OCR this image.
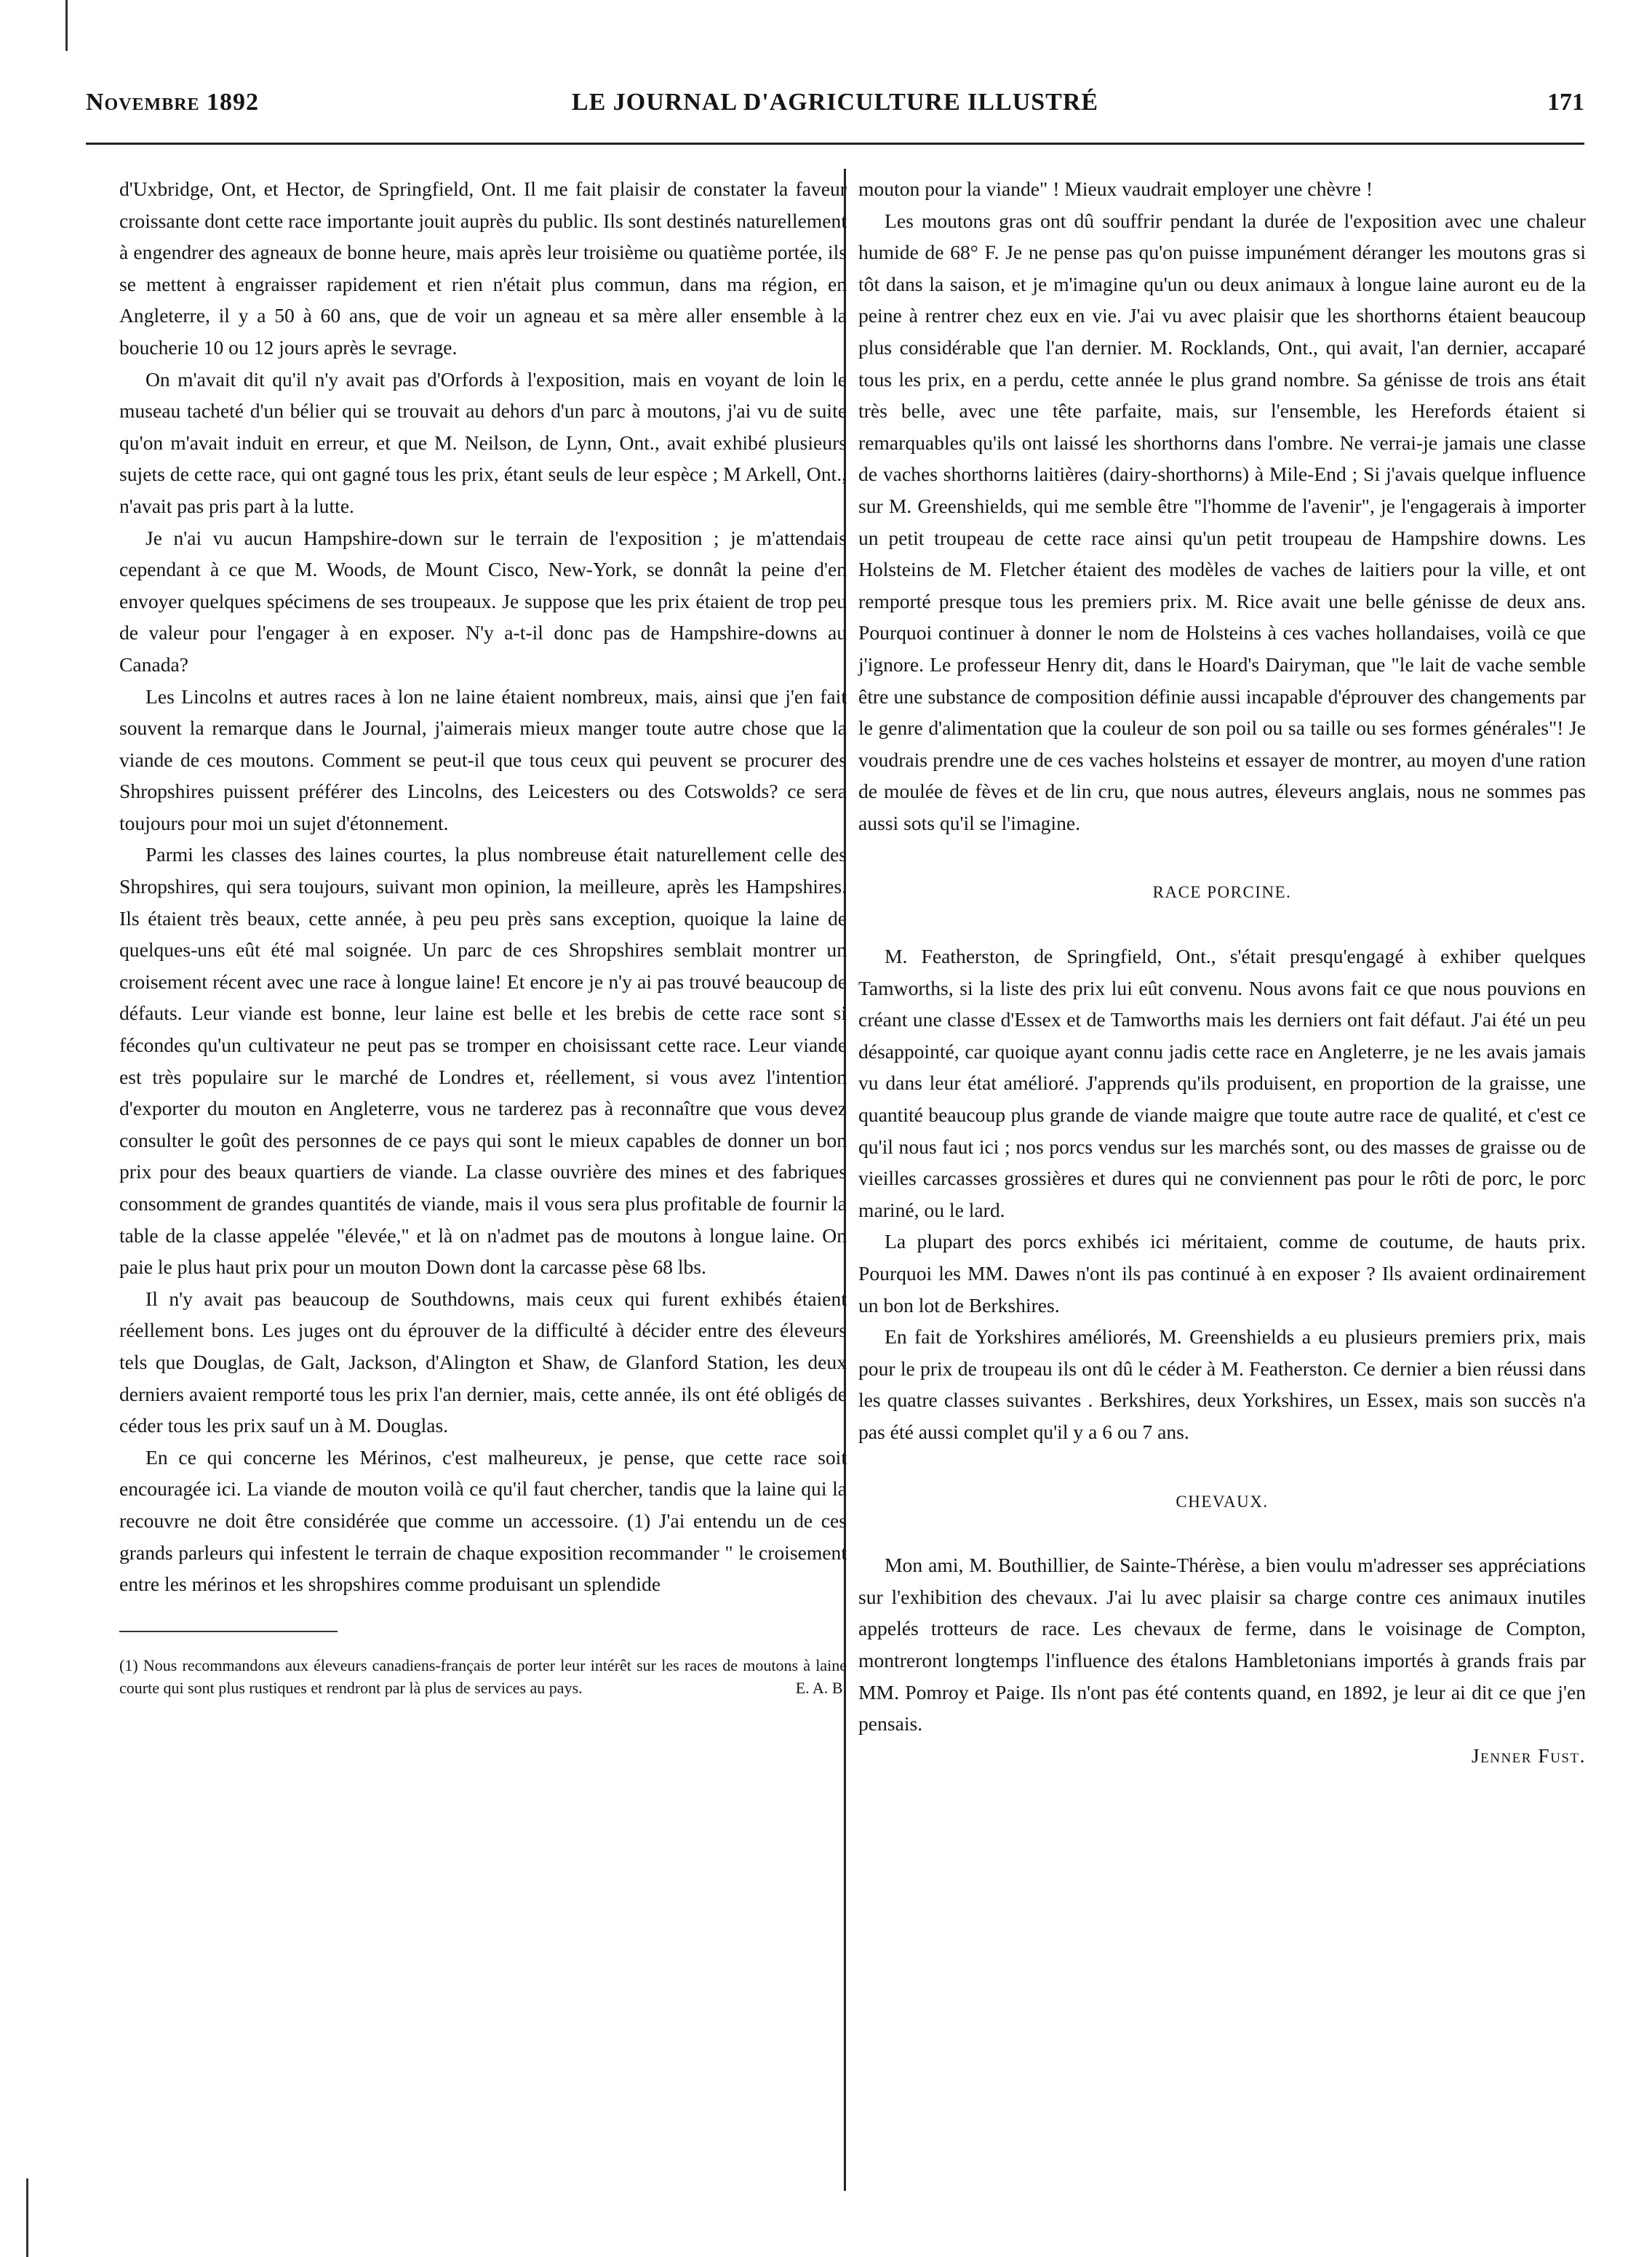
Novembre 1892	LE JOURNAL D'AGRICULTURE ILLUSTRÉ	171

d'Uxbridge, Ont, et Hector, de Springfield, Ont. Il me fait plaisir de constater la faveur croissante dont cette race importante jouit auprès du public. Ils sont destinés naturellement à engendrer des agneaux de bonne heure, mais après leur troisième ou quatième portée, ils se mettent à engraisser rapidement et rien n'était plus commun, dans ma région, en Angleterre, il y a 50 à 60 ans, que de voir un agneau et sa mère aller ensemble à la boucherie 10 ou 12 jours après le sevrage.

On m'avait dit qu'il n'y avait pas d'Orfords à l'exposition, mais en voyant de loin le museau tacheté d'un bélier qui se trouvait au dehors d'un parc à moutons, j'ai vu de suite qu'on m'avait induit en erreur, et que M. Neilson, de Lynn, Ont., avait exhibé plusieurs sujets de cette race, qui ont gagné tous les prix, étant seuls de leur espèce ; M Arkell, Ont., n'avait pas pris part à la lutte.

Je n'ai vu aucun Hampshire-down sur le terrain de l'exposition ; je m'attendais cependant à ce que M. Woods, de Mount Cisco, New-York, se donnât la peine d'en envoyer quelques spécimens de ses troupeaux. Je suppose que les prix étaient de trop peu de valeur pour l'engager à en exposer. N'y a-t-il donc pas de Hampshire-downs au Canada?

Les Lincolns et autres races à lon ne laine étaient nombreux, mais, ainsi que j'en fait souvent la remarque dans le Journal, j'aimerais mieux manger toute autre chose que la viande de ces moutons. Comment se peut-il que tous ceux qui peuvent se procurer des Shropshires puissent préférer des Lincolns, des Leicesters ou des Cotswolds? ce sera toujours pour moi un sujet d'étonnement.

Parmi les classes des laines courtes, la plus nombreuse était naturellement celle des Shropshires, qui sera toujours, suivant mon opinion, la meilleure, après les Hampshires. Ils étaient très beaux, cette année, à peu peu près sans exception, quoique la laine de quelques-uns eût été mal soignée. Un parc de ces Shropshires semblait montrer un croisement récent avec une race à longue laine! Et encore je n'y ai pas trouvé beaucoup de défauts. Leur viande est bonne, leur laine est belle et les brebis de cette race sont si fécondes qu'un cultivateur ne peut pas se tromper en choisissant cette race. Leur viande est très populaire sur le marché de Londres et, réellement, si vous avez l'intention d'exporter du mouton en Angleterre, vous ne tarderez pas à reconnaître que vous devez consulter le goût des personnes de ce pays qui sont le mieux capables de donner un bon prix pour des beaux quartiers de viande. La classe ouvrière des mines et des fabriques consomment de grandes quantités de viande, mais il vous sera plus profitable de fournir la table de la classe appelée "élevée," et là on n'admet pas de moutons à longue laine. On paie le plus haut prix pour un mouton Down dont la carcasse pèse 68 lbs.

Il n'y avait pas beaucoup de Southdowns, mais ceux qui furent exhibés étaient réellement bons. Les juges ont du éprouver de la difficulté à décider entre des éleveurs tels que Douglas, de Galt, Jackson, d'Alington et Shaw, de Glanford Station, les deux derniers avaient remporté tous les prix l'an dernier, mais, cette année, ils ont été obligés de céder tous les prix sauf un à M. Douglas.

En ce qui concerne les Mérinos, c'est malheureux, je pense, que cette race soit encouragée ici. La viande de mouton voilà ce qu'il faut chercher, tandis que la laine qui la recouvre ne doit être considérée que comme un accessoire. (1) J'ai entendu un de ces grands parleurs qui infestent le terrain de chaque exposition recommander " le croisement entre les mérinos et les shropshires comme produisant un splendide

(1) Nous recommandons aux éleveurs canadiens-français de porter leur intérêt sur les races de moutons à laine courte qui sont plus rustiques et rendront par là plus de services au pays.	E. A. B.

mouton pour la viande" ! Mieux vaudrait employer une chèvre !

Les moutons gras ont dû souffrir pendant la durée de l'exposition avec une chaleur humide de 68° F. Je ne pense pas qu'on puisse impunément déranger les moutons gras si tôt dans la saison, et je m'imagine qu'un ou deux animaux à longue laine auront eu de la peine à rentrer chez eux en vie. J'ai vu avec plaisir que les shorthorns étaient beaucoup plus considérable que l'an dernier. M. Rocklands, Ont., qui avait, l'an dernier, accaparé tous les prix, en a perdu, cette année le plus grand nombre. Sa génisse de trois ans était très belle, avec une tête parfaite, mais, sur l'ensemble, les Herefords étaient si remarquables qu'ils ont laissé les shorthorns dans l'ombre. Ne verrai-je jamais une classe de vaches shorthorns laitières (dairy-shorthorns) à Mile-End ; Si j'avais quelque influence sur M. Greenshields, qui me semble être "l'homme de l'avenir", je l'engagerais à importer un petit troupeau de cette race ainsi qu'un petit troupeau de Hampshire downs. Les Holsteins de M. Fletcher étaient des modèles de vaches de laitiers pour la ville, et ont remporté presque tous les premiers prix. M. Rice avait une belle génisse de deux ans. Pourquoi continuer à donner le nom de Holsteins à ces vaches hollandaises, voilà ce que j'ignore. Le professeur Henry dit, dans le Hoard's Dairyman, que "le lait de vache semble être une substance de composition définie aussi incapable d'éprouver des changements par le genre d'alimentation que la couleur de son poil ou sa taille ou ses formes générales"! Je voudrais prendre une de ces vaches holsteins et essayer de montrer, au moyen d'une ration de moulée de fèves et de lin cru, que nous autres, éleveurs anglais, nous ne sommes pas aussi sots qu'il se l'imagine.

RACE PORCINE.

M. Featherston, de Springfield, Ont., s'était presqu'engagé à exhiber quelques Tamworths, si la liste des prix lui eût convenu. Nous avons fait ce que nous pouvions en créant une classe d'Essex et de Tamworths mais les derniers ont fait défaut. J'ai été un peu désappointé, car quoique ayant connu jadis cette race en Angleterre, je ne les avais jamais vu dans leur état amélioré. J'apprends qu'ils produisent, en proportion de la graisse, une quantité beaucoup plus grande de viande maigre que toute autre race de qualité, et c'est ce qu'il nous faut ici ; nos porcs vendus sur les marchés sont, ou des masses de graisse ou de vieilles carcasses grossières et dures qui ne conviennent pas pour le rôti de porc, le porc mariné, ou le lard.

La plupart des porcs exhibés ici méritaient, comme de coutume, de hauts prix. Pourquoi les MM. Dawes n'ont ils pas continué à en exposer ? Ils avaient ordinairement un bon lot de Berkshires.

En fait de Yorkshires améliorés, M. Greenshields a eu plusieurs premiers prix, mais pour le prix de troupeau ils ont dû le céder à M. Featherston. Ce dernier a bien réussi dans les quatre classes suivantes . Berkshires, deux Yorkshires, un Essex, mais son succès n'a pas été aussi complet qu'il y a 6 ou 7 ans.

CHEVAUX.

Mon ami, M. Bouthillier, de Sainte-Thérèse, a bien voulu m'adresser ses appréciations sur l'exhibition des chevaux. J'ai lu avec plaisir sa charge contre ces animaux inutiles appelés trotteurs de race. Les chevaux de ferme, dans le voisinage de Compton, montreront longtemps l'influence des étalons Hambletonians importés à grands frais par MM. Pomroy et Paige. Ils n'ont pas été contents quand, en 1892, je leur ai dit ce que j'en pensais.

Jenner Fust.
